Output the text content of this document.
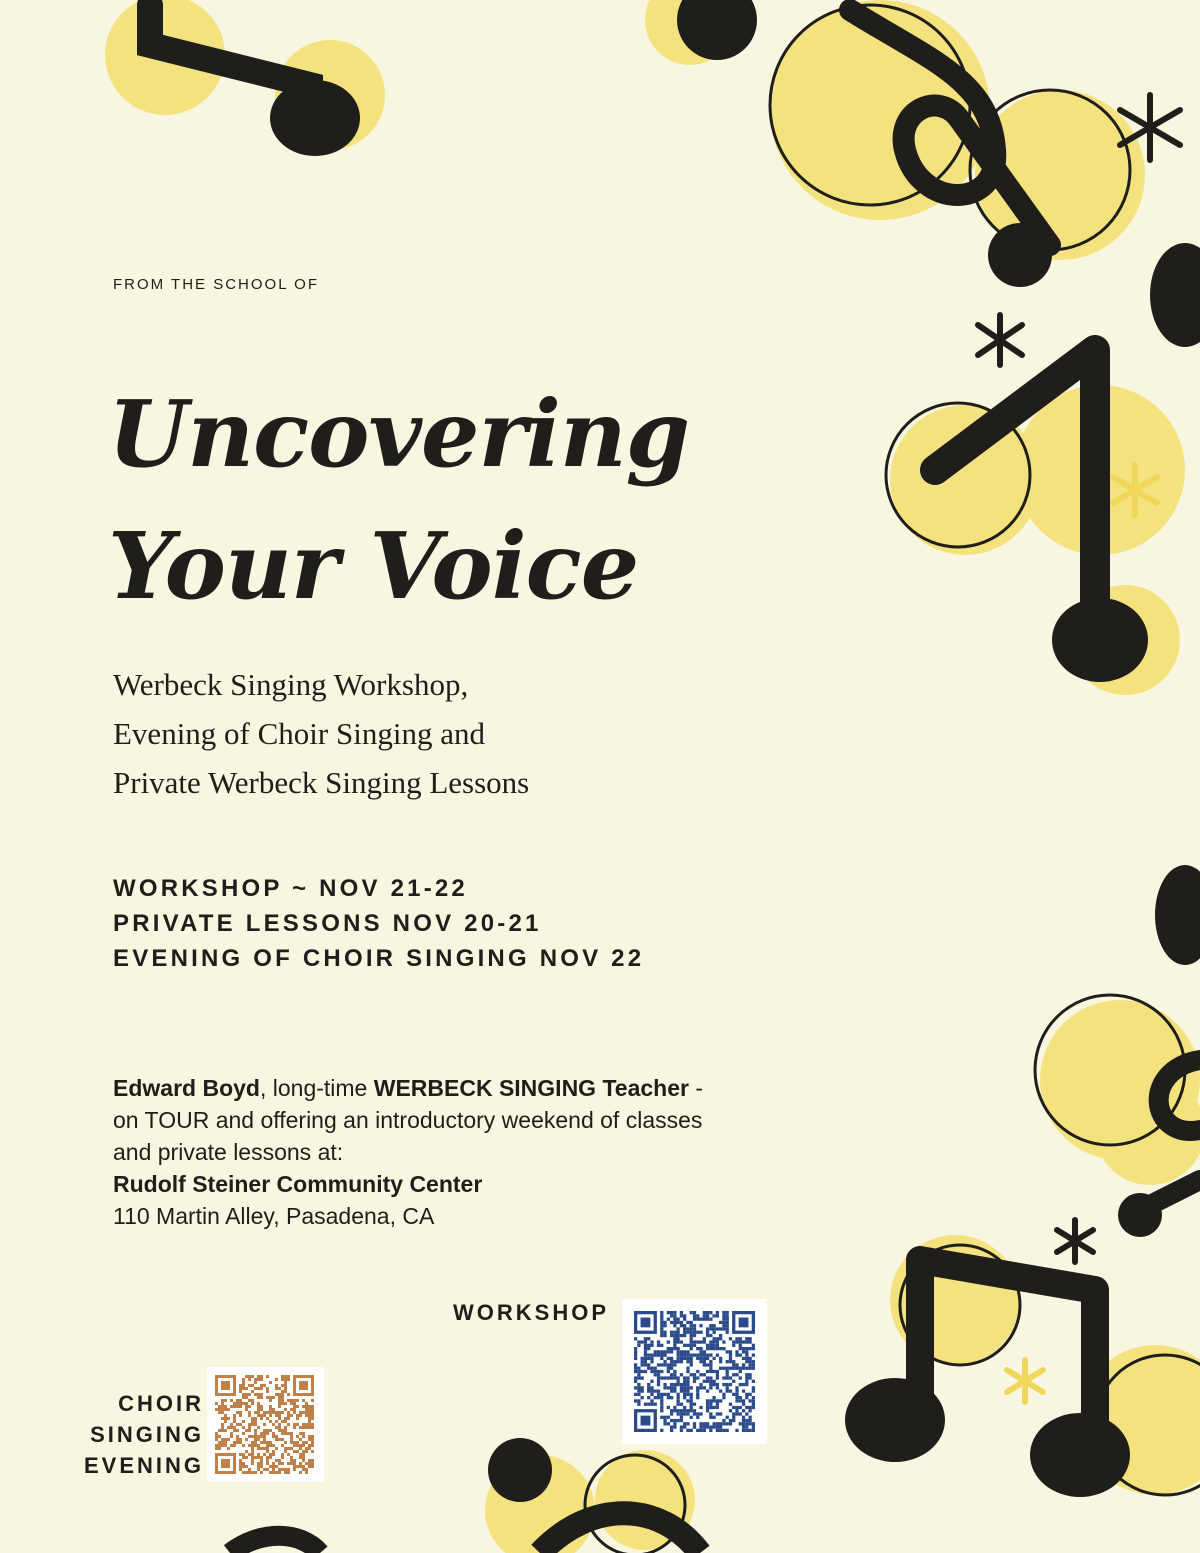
FROM THE SCHOOL OF

Uncovering
Your Voice
Werbeck Singing Workshop,
Evening of Choir Singing and
Private Werbeck Singing Lessons
WORKSHOP ~ NOV 21-22
PRIVATE LESSONS NOV 20-21
EVENING OF CHOIR SINGING NOV 22
Edward Boyd, long-time WERBECK SINGING Teacher - on TOUR and offering an introductory weekend of classes and private lessons at:
Rudolf Steiner Community Center
110 Martin Alley, Pasadena, CA

WORKSHOP

CHOIR
SINGING
EVENING
